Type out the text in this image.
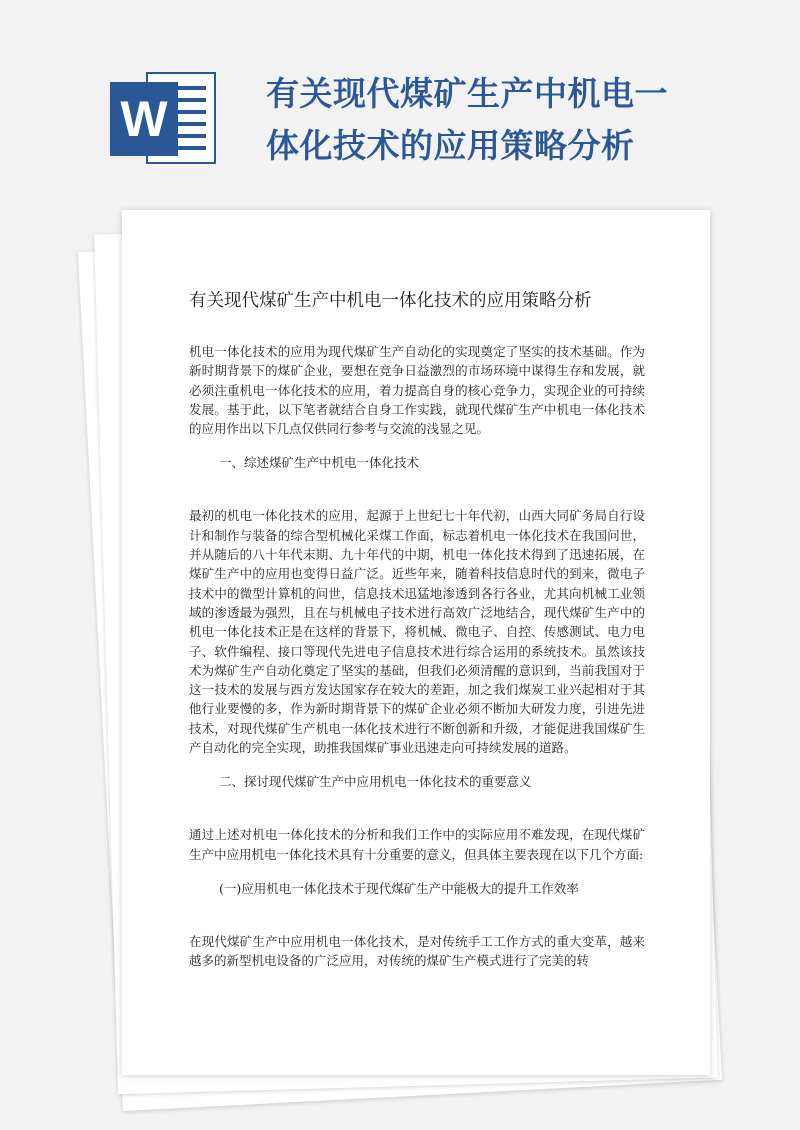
W	有关现代煤矿生产中机电一体化技术的应用策略分析
有关现代煤矿生产中机电一体化技术的应用策略分析

机电一体化技术的应用为现代煤矿生产自动化的实现奠定了坚实的技术基础。作为新时期背景下的煤矿企业，要想在竞争日益激烈的市场环境中谋得生存和发展，就必须注重机电一体化技术的应用，着力提高自身的核心竞争力，实现企业的可持续发展。基于此，以下笔者就结合自身工作实践，就现代煤矿生产中机电一体化技术的应用作出以下几点仅供同行参考与交流的浅显之见。

一、综述煤矿生产中机电一体化技术

最初的机电一体化技术的应用，起源于上世纪七十年代初，山西大同矿务局自行设计和制作与装备的综合型机械化采煤工作面，标志着机电一体化技术在我国问世，并从随后的八十年代末期、九十年代的中期，机电一体化技术得到了迅速拓展，在煤矿生产中的应用也变得日益广泛。近些年来，随着科技信息时代的到来，微电子技术中的微型计算机的问世，信息技术迅猛地渗透到各行各业，尤其向机械工业领域的渗透最为强烈，且在与机械电子技术进行高效广泛地结合，现代煤矿生产中的机电一体化技术正是在这样的背景下，将机械、微电子、自控、传感测试、电力电子、软件编程、接口等现代先进电子信息技术进行综合运用的系统技术。虽然该技术为煤矿生产自动化奠定了坚实的基础，但我们必须清醒的意识到，当前我国对于这一技术的发展与西方发达国家存在较大的差距，加之我们煤炭工业兴起相对于其他行业要慢的多，作为新时期背景下的煤矿企业必须不断加大研发力度，引进先进技术，对现代煤矿生产机电一体化技术进行不断创新和升级，才能促进我国煤矿生产自动化的完全实现，助推我国煤矿事业迅速走向可持续发展的道路。

二、探讨现代煤矿生产中应用机电一体化技术的重要意义

通过上述对机电一体化技术的分析和我们工作中的实际应用不难发现，在现代煤矿生产中应用机电一体化技术具有十分重要的意义，但具体主要表现在以下几个方面:

(一)应用机电一体化技术于现代煤矿生产中能极大的提升工作效率

在现代煤矿生产中应用机电一体化技术，是对传统手工工作方式的重大变革，越来越多的新型机电设备的广泛应用，对传统的煤矿生产模式进行了完美的转
